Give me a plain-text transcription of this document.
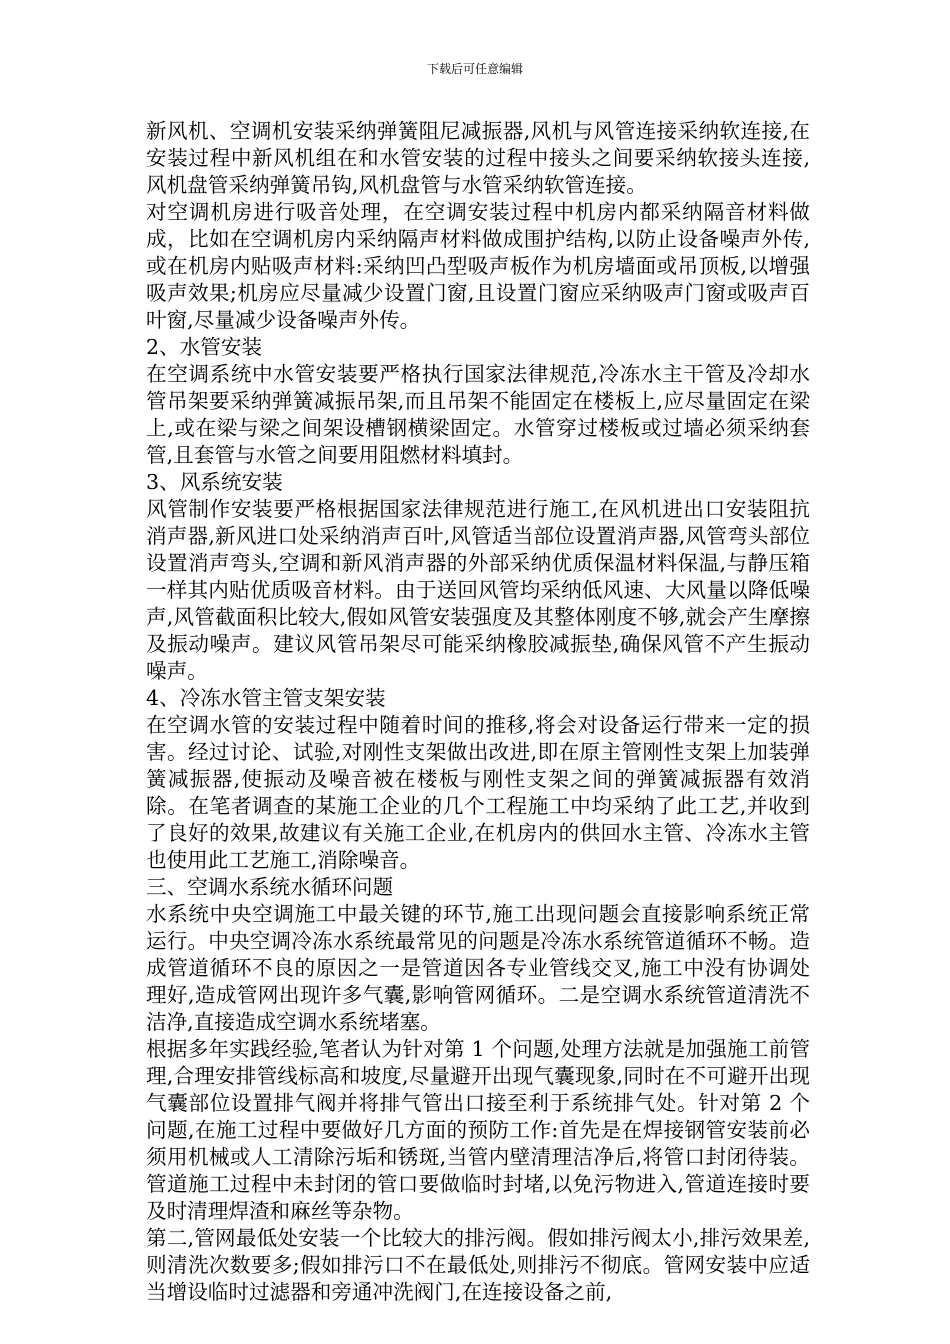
下载后可任意编辑

新风机、空调机安装采纳弹簧阻尼减振器,风机与风管连接采纳软连接,在安装过程中新风机组在和水管安装的过程中接头之间要采纳软接头连接,风机盘管采纳弹簧吊钩,风机盘管与水管采纳软管连接。

对空调机房进行吸音处理，在空调安装过程中机房内都采纳隔音材料做成，比如在空调机房内采纳隔声材料做成围护结构,以防止设备噪声外传,或在机房内贴吸声材料:采纳凹凸型吸声板作为机房墙面或吊顶板,以增强吸声效果;机房应尽量减少设置门窗,且设置门窗应采纳吸声门窗或吸声百叶窗,尽量减少设备噪声外传。

2、水管安装

在空调系统中水管安装要严格执行国家法律规范,冷冻水主干管及冷却水管吊架要采纳弹簧减振吊架,而且吊架不能固定在楼板上,应尽量固定在梁上,或在梁与梁之间架设槽钢横梁固定。水管穿过楼板或过墙必须采纳套管,且套管与水管之间要用阻燃材料填封。

3、风系统安装

风管制作安装要严格根据国家法律规范进行施工,在风机进出口安装阻抗消声器,新风进口处采纳消声百叶,风管适当部位设置消声器,风管弯头部位设置消声弯头,空调和新风消声器的外部采纳优质保温材料保温,与静压箱一样其内贴优质吸音材料。由于送回风管均采纳低风速、大风量以降低噪声,风管截面积比较大,假如风管安装强度及其整体刚度不够,就会产生摩擦及振动噪声。建议风管吊架尽可能采纳橡胶减振垫,确保风管不产生振动噪声。

4、冷冻水管主管支架安装

在空调水管的安装过程中随着时间的推移,将会对设备运行带来一定的损害。经过讨论、试验,对刚性支架做出改进,即在原主管刚性支架上加装弹簧减振器,使振动及噪音被在楼板与刚性支架之间的弹簧减振器有效消除。在笔者调查的某施工企业的几个工程施工中均采纳了此工艺,并收到了良好的效果,故建议有关施工企业,在机房内的供回水主管、冷冻水主管也使用此工艺施工,消除噪音。

三、空调水系统水循环问题

水系统中央空调施工中最关键的环节,施工出现问题会直接影响系统正常运行。中央空调冷冻水系统最常见的问题是冷冻水系统管道循环不畅。造成管道循环不良的原因之一是管道因各专业管线交叉,施工中没有协调处理好,造成管网出现许多气囊,影响管网循环。二是空调水系统管道清洗不洁净,直接造成空调水系统堵塞。

根据多年实践经验,笔者认为针对第 1 个问题,处理方法就是加强施工前管理,合理安排管线标高和坡度,尽量避开出现气囊现象,同时在不可避开出现气囊部位设置排气阀并将排气管出口接至利于系统排气处。针对第 2 个问题,在施工过程中要做好几方面的预防工作:首先是在焊接钢管安装前必须用机械或人工清除污垢和锈斑,当管内壁清理洁净后,将管口封闭待装。管道施工过程中未封闭的管口要做临时封堵,以免污物进入,管道连接时要及时清理焊渣和麻丝等杂物。

第二,管网最低处安装一个比较大的排污阀。假如排污阀太小,排污效果差,则清洗次数要多;假如排污口不在最低处,则排污不彻底。管网安装中应适当增设临时过滤器和旁通冲洗阀门,在连接设备之前,
